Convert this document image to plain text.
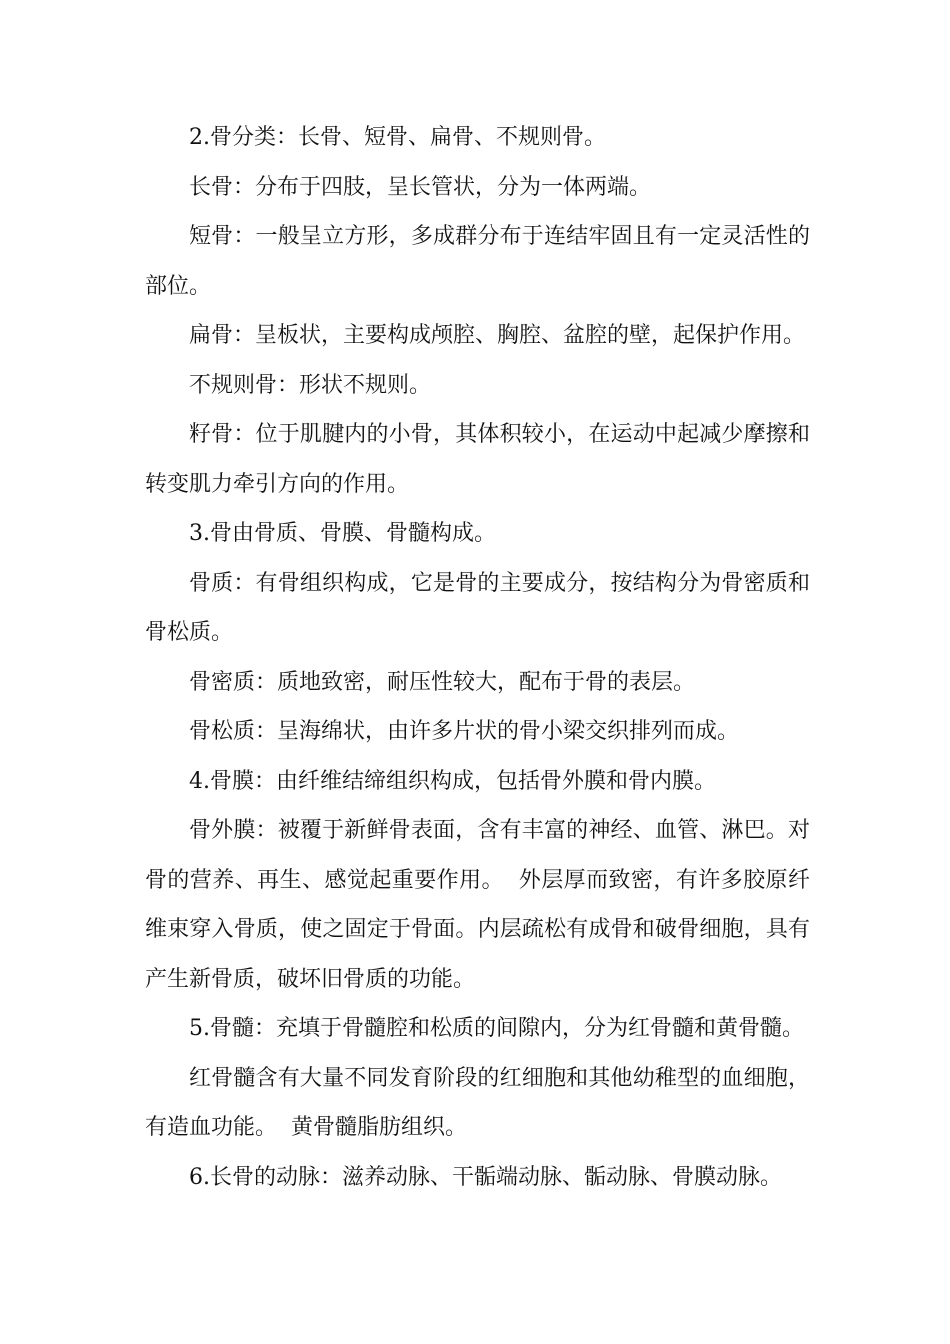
2.骨分类：长骨、短骨、扁骨、不规则骨。

长骨：分布于四肢，呈长管状，分为一体两端。

短骨：一般呈立方形，多成群分布于连结牢固且有一定灵活性的部位。

扁骨：呈板状，主要构成颅腔、胸腔、盆腔的壁，起保护作用。

不规则骨：形状不规则。

籽骨：位于肌腱内的小骨，其体积较小，在运动中起减少摩擦和转变肌力牵引方向的作用。

3.骨由骨质、骨膜、骨髓构成。

骨质：有骨组织构成，它是骨的主要成分，按结构分为骨密质和骨松质。

骨密质：质地致密，耐压性较大，配布于骨的表层。

骨松质：呈海绵状，由许多片状的骨小梁交织排列而成。

4.骨膜：由纤维结缔组织构成，包括骨外膜和骨内膜。

骨外膜：被覆于新鲜骨表面，含有丰富的神经、血管、淋巴。对骨的营养、再生、感觉起重要作用。  外层厚而致密，有许多胶原纤维束穿入骨质，使之固定于骨面。内层疏松有成骨和破骨细胞，具有产生新骨质，破坏旧骨质的功能。

5.骨髓：充填于骨髓腔和松质的间隙内，分为红骨髓和黄骨髓。

红骨髓含有大量不同发育阶段的红细胞和其他幼稚型的血细胞，有造血功能。  黄骨髓脂肪组织。

6.长骨的动脉：滋养动脉、干骺端动脉、骺动脉、骨膜动脉。
